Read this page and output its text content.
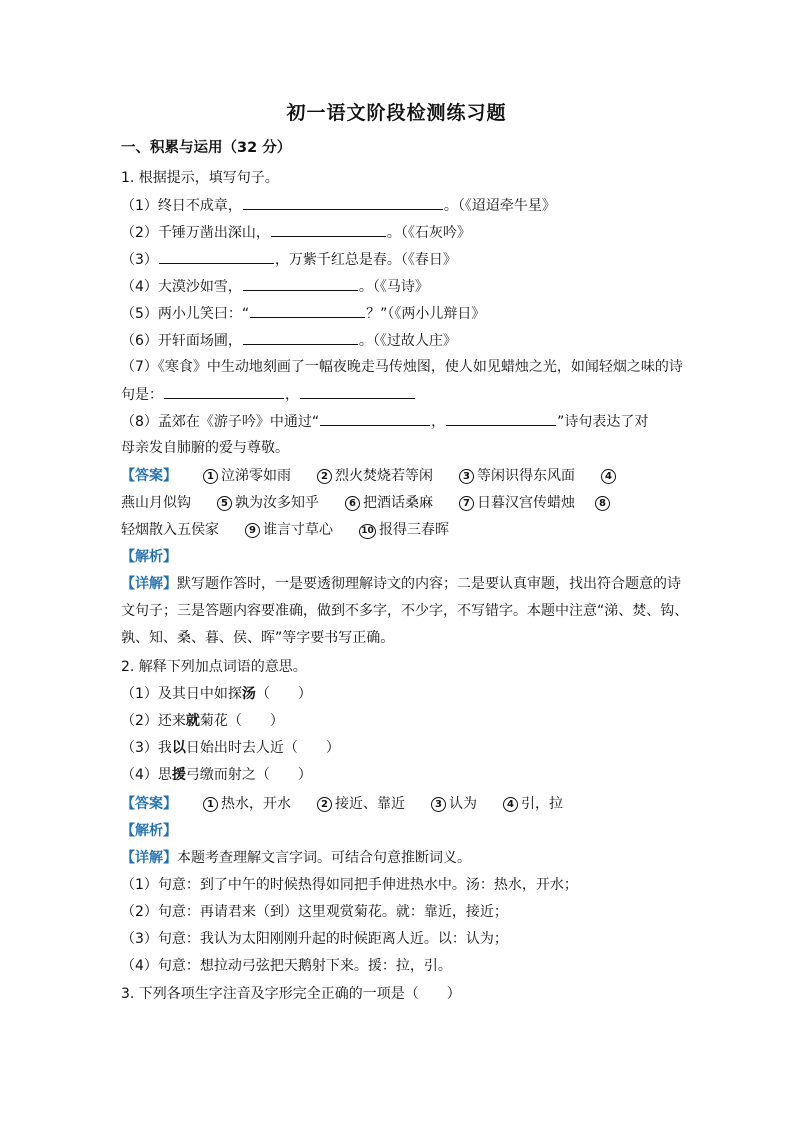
初一语文阶段检测练习题
一、积累与运用（32 分）
1. 根据提示，填写句子。
（1）终日不成章，	。（《迢迢牵牛星》
（2）千锤万凿出深山，	。（《石灰吟》
（3）	，万紫千红总是春。（《春日》
（4）大漠沙如雪，	。（《马诗》
（5）两小儿笑曰：“	？”（《两小儿辩日》
（6）开轩面场圃，	。（《过故人庄》
（7）《寒食》中生动地刻画了一幅夜晚走马传烛图，使人如见蜡烛之光，如闻轻烟之味的诗
句是：	，
（8）孟郊在《游子吟》中通过“	，	”诗句表达了对
母亲发自肺腑的爱与尊敬。
【答案】	1 泣涕零如雨	2 烈火焚烧若等闲	3 等闲识得东风面	4
燕山月似钩	5 孰为汝多知乎	6 把酒话桑麻	7 日暮汉宫传蜡烛 8
轻烟散入五侯家	9 谁言寸草心	10 报得三春晖
【解析】
【详解】默写题作答时，一是要透彻理解诗文的内容；二是要认真审题，找出符合题意的诗
文句子；三是答题内容要准确，做到不多字，不少字，不写错字。本题中注意“涕、焚、钩、
孰、知、桑、暮、侯、晖”等字要书写正确。
2. 解释下列加点词语的意思。
（1）及其日中如探汤（　　）
（2）还来就菊花（　　）
（3）我以日始出时去人近（　　）
（4）思援弓缴而射之（　　）
【答案】	1 热水，开水	2 接近、靠近	3 认为	4 引，拉
【解析】
【详解】本题考查理解文言字词。可结合句意推断词义。
（1）句意：到了中午的时候热得如同把手伸进热水中。汤：热水，开水；
（2）句意：再请君来（到）这里观赏菊花。就：靠近，接近；
（3）句意：我认为太阳刚刚升起的时候距离人近。以：认为；
（4）句意：想拉动弓弦把天鹅射下来。援：拉，引。
3. 下列各项生字注音及字形完全正确的一项是（　　）
